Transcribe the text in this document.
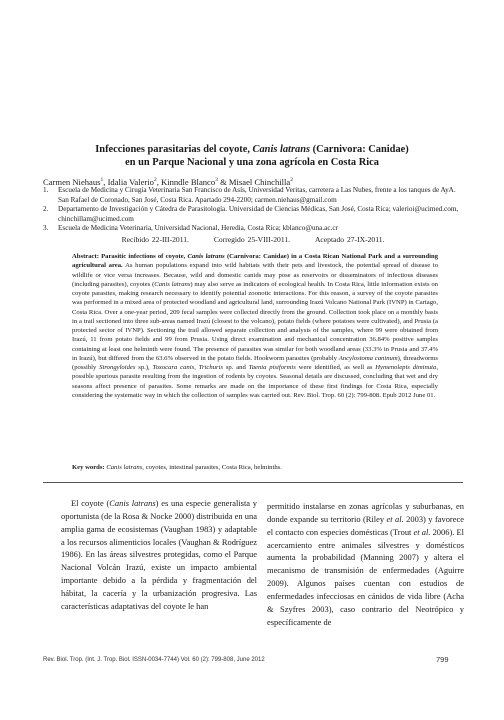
Infecciones parasitarias del coyote, Canis latrans (Carnivora: Canidae)
en un Parque Nacional y una zona agrícola en Costa Rica
Carmen Niehaus$^1$, Idalia Valerio$^2$, Kinndle Blanco$^3$ & Misael Chinchilla$^2$
1. Escuela de Medicina y Cirugía Veterinaria San Francisco de Asís, Universidad Veritas, carretera a Las Nubes, frente a los tanques de AyA. San Rafael de Coronado, San José, Costa Rica. Apartado 294-2200; carmen.niehaus@gmail.com
2. Departamento de Investigación y Cátedra de Parasitología. Universidad de Ciencias Médicas, San José, Costa Rica; valerioi@ucimed.com, chinchillam@ucimed.com
3. Escuela de Medicina Veterinaria, Universidad Nacional, Heredia, Costa Rica; kblanco@una.ac.cr
Recibido 22-III-2011.	Corregido 25-VIII-2011.	Aceptado 27-IX-2011.

Abstract: Parasitic infections of coyote, Canis latrans (Carnivora: Canidae) in a Costa Rican National Park and a surrounding agricultural area. As human populations expand into wild habitats with their pets and livestock, the potential spread of disease to wildlife or vice versa increases. Because, wild and domestic canids may pose as reservoirs or disseminators of infectious diseases (including parasites), coyotes (Canis latrans) may also serve as indicators of ecological health. In Costa Rica, little information exists on coyote parasites, making research necessary to identify potential zoonotic interactions. For this reason, a survey of the coyote parasites was performed in a mixed area of protected woodland and agricultural land, surrounding Irazú Volcano National Park (IVNP) in Cartago, Costa Rica. Over a one-year period, 209 fecal samples were collected directly from the ground. Collection took place on a monthly basis in a trail sectioned into three sub-areas named Irazú (closest to the volcano), potato fields (where potatoes were cultivated), and Prusia (a protected sector of IVNP). Sectioning the trail allowed separate collection and analysis of the samples, where 99 were obtained from Irazú, 11 from potato fields and 99 from Prusia. Using direct examination and mechanical concentration 36.84% positive samples containing at least one helminth were found. The presence of parasites was similar for both woodland areas (33.3% in Prusia and 37.4% in Irazú), but differed from the 63.6% observed in the potato fields. Hookworm parasites (probably Ancylostoma caninum), threadworms (possibly Strongyloides sp.), Toxocara canis, Trichuris sp. and Taenia pisiformis were identified, as well as Hymenolepis diminuta, possible spurious parasite resulting from the ingestion of rodents by coyotes. Seasonal details are discussed, concluding that wet and dry seasons affect presence of parasites. Some remarks are made on the importance of these first findings for Costa Rica, especially considering the systematic way in which the collection of samples was carried out. Rev. Biol. Trop. 60 (2): 799-808. Epub 2012 June 01.

Key words: Canis latrans, coyotes, intestinal parasites, Costa Rica, helminths.

El coyote (Canis latrans) es una especie generalista y oportunista (de la Rosa & Nocke 2000) distribuida en una amplia gama de ecosistemas (Vaughan 1983) y adaptable a los recursos alimenticios locales (Vaughan & Rodríguez 1986). En las áreas silvestres protegidas, como el Parque Nacional Volcán Irazú, existe un impacto ambiental importante debido a la pérdida y fragmentación del hábitat, la cacería y la urbanización progresiva. Las características adaptativas del coyote le han

permitido instalarse en zonas agrícolas y suburbanas, en donde expande su territorio (Riley et al. 2003) y favorece el contacto con especies domésticas (Trout et al. 2006). El acercamiento entre animales silvestres y domésticos aumenta la probabilidad (Manning 2007) y altera el mecanismo de transmisión de enfermedades (Aguirre 2009). Algunos países cuentan con estudios de enfermedades infecciosas en cánidos de vida libre (Acha & Szyfres 2003), caso contrario del Neotrópico y específicamente de

Rev. Biol. Trop. (Int. J. Trop. Biol. ISSN-0034-7744) Vol. 60 (2): 799-808, June 2012	799
